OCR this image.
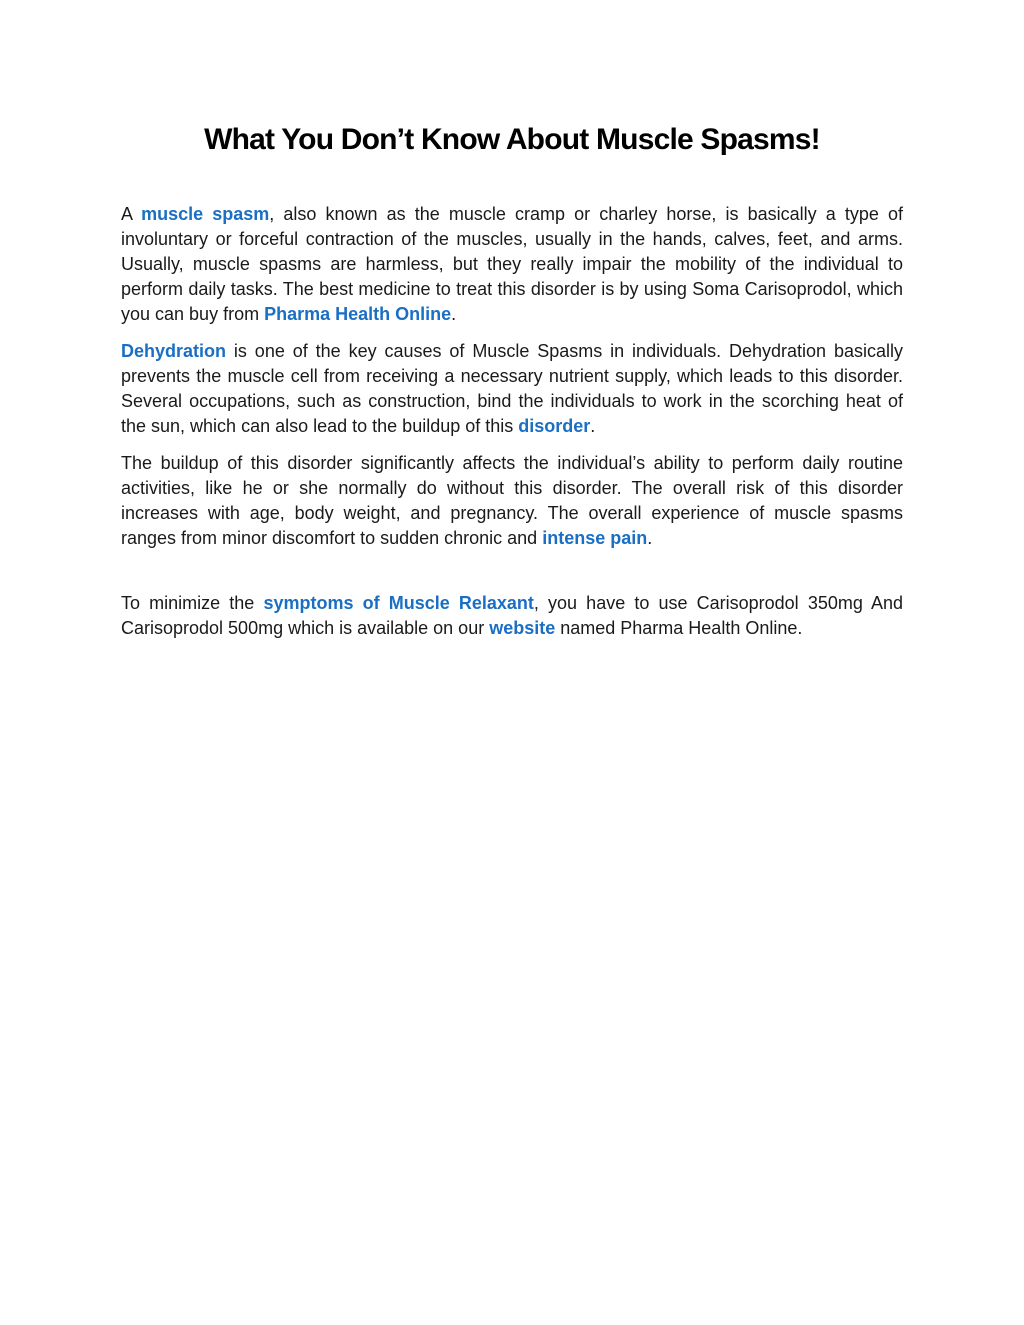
What You Don’t Know About Muscle Spasms!

A muscle spasm, also known as the muscle cramp or charley horse, is basically a type of involuntary or forceful contraction of the muscles, usually in the hands, calves, feet, and arms. Usually, muscle spasms are harmless, but they really impair the mobility of the individual to perform daily tasks. The best medicine to treat this disorder is by using Soma Carisoprodol, which you can buy from Pharma Health Online.

Dehydration is one of the key causes of Muscle Spasms in individuals. Dehydration basically prevents the muscle cell from receiving a necessary nutrient supply, which leads to this disorder. Several occupations, such as construction, bind the individuals to work in the scorching heat of the sun, which can also lead to the buildup of this disorder.

The buildup of this disorder significantly affects the individual’s ability to perform daily routine activities, like he or she normally do without this disorder. The overall risk of this disorder increases with age, body weight, and pregnancy. The overall experience of muscle spasms ranges from minor discomfort to sudden chronic and intense pain.

To minimize the symptoms of Muscle Relaxant, you have to use Carisoprodol 350mg And Carisoprodol 500mg which is available on our website named Pharma Health Online.
